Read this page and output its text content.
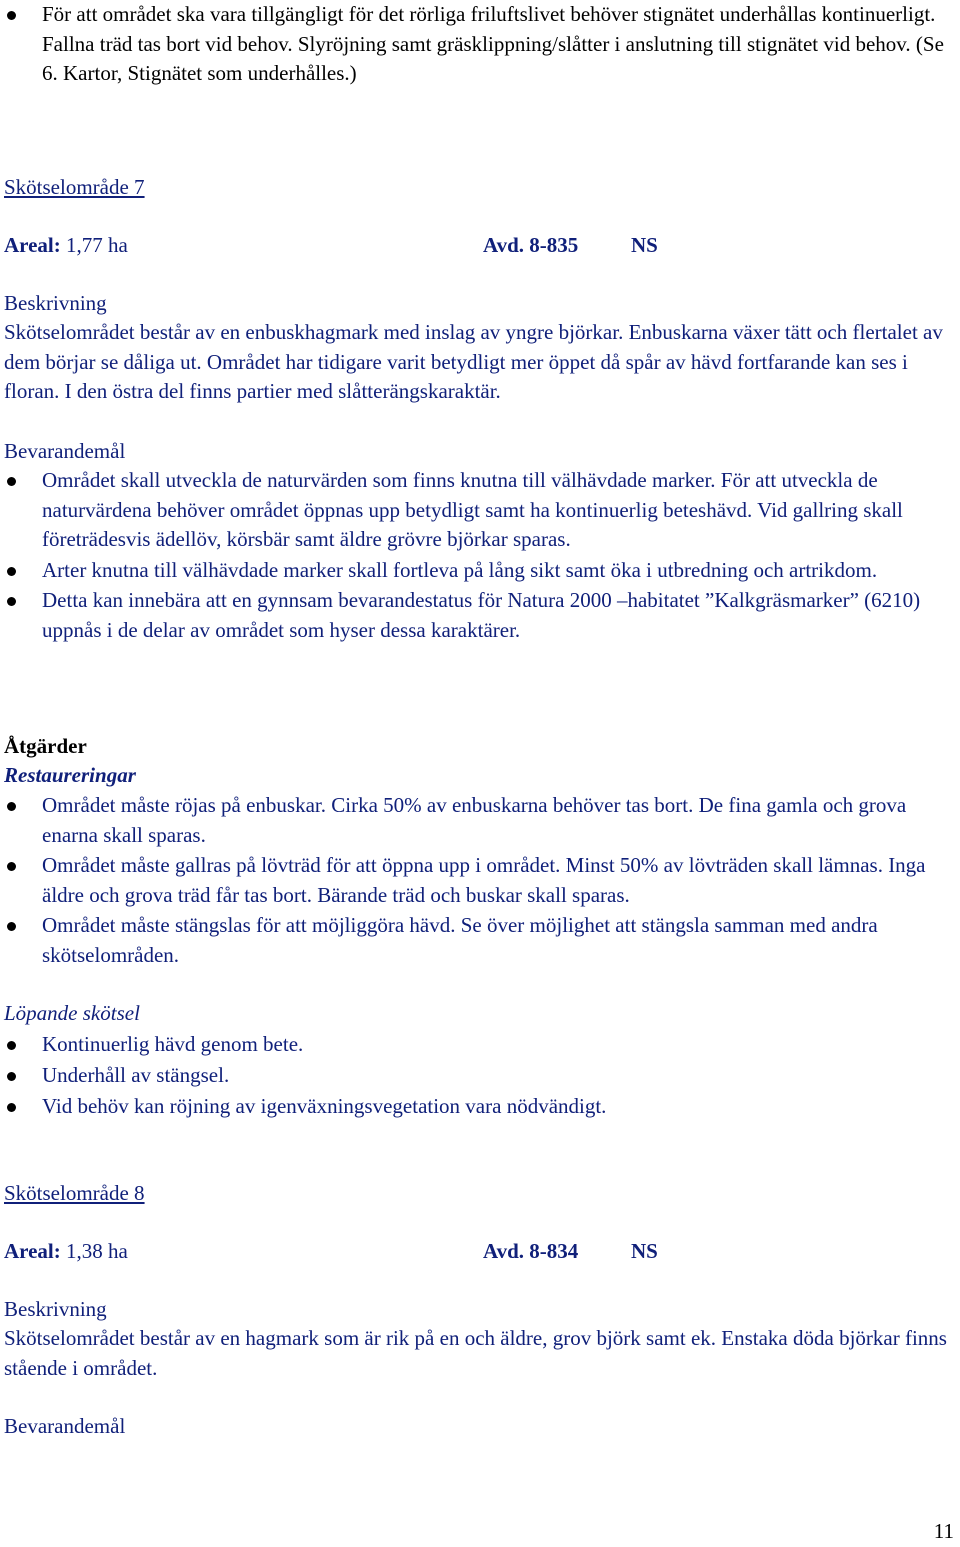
För att området ska vara tillgängligt för det rörliga friluftslivet behöver stignätet underhållas kontinuerligt. Fallna träd tas bort vid behov. Slyröjning samt gräsklippning/slåtter i anslutning till stignätet vid behov. (Se 6. Kartor, Stignätet som underhålles.)
Skötselområde 7
Areal: 1,77 ha	Avd. 8-835	NS
Beskrivning
Skötselområdet består av en enbuskhagmark med inslag av yngre björkar. Enbuskarna växer tätt och flertalet av dem börjar se dåliga ut. Området har tidigare varit betydligt mer öppet då spår av hävd fortfarande kan ses i floran. I den östra del finns partier med slåtterängskaraktär.
Bevarandemål
Området skall utveckla de naturvärden som finns knutna till välhävdade marker. För att utveckla de naturvärdena behöver området öppnas upp betydligt samt ha kontinuerlig beteshävd. Vid gallring skall företrädesvis ädellöv, körsbär samt äldre grövre björkar sparas.
Arter knutna till välhävdade marker skall fortleva på lång sikt samt öka i utbredning och artrikdom.
Detta kan innebära att en gynnsam bevarandestatus för Natura 2000 –habitatet ”Kalkgräsmarker” (6210) uppnås i de delar av området som hyser dessa karaktärer.
Åtgärder
Restaureringar
Området måste röjas på enbuskar. Cirka 50% av enbuskarna behöver tas bort. De fina gamla och grova enarna skall sparas.
Området måste gallras på lövträd för att öppna upp i området. Minst 50% av lövträden skall lämnas. Inga äldre och grova träd får tas bort. Bärande träd och buskar skall sparas.
Området måste stängslas för att möjliggöra hävd. Se över möjlighet att stängsla samman med andra skötselområden.
Löpande skötsel
Kontinuerlig hävd genom bete.
Underhåll av stängsel.
Vid behöv kan röjning av igenväxningsvegetation vara nödvändigt.
Skötselområde 8
Areal: 1,38 ha	Avd. 8-834	NS
Beskrivning
Skötselområdet består av en hagmark som är rik på en och äldre, grov björk samt ek. Enstaka döda björkar finns stående i området.
Bevarandemål
11
